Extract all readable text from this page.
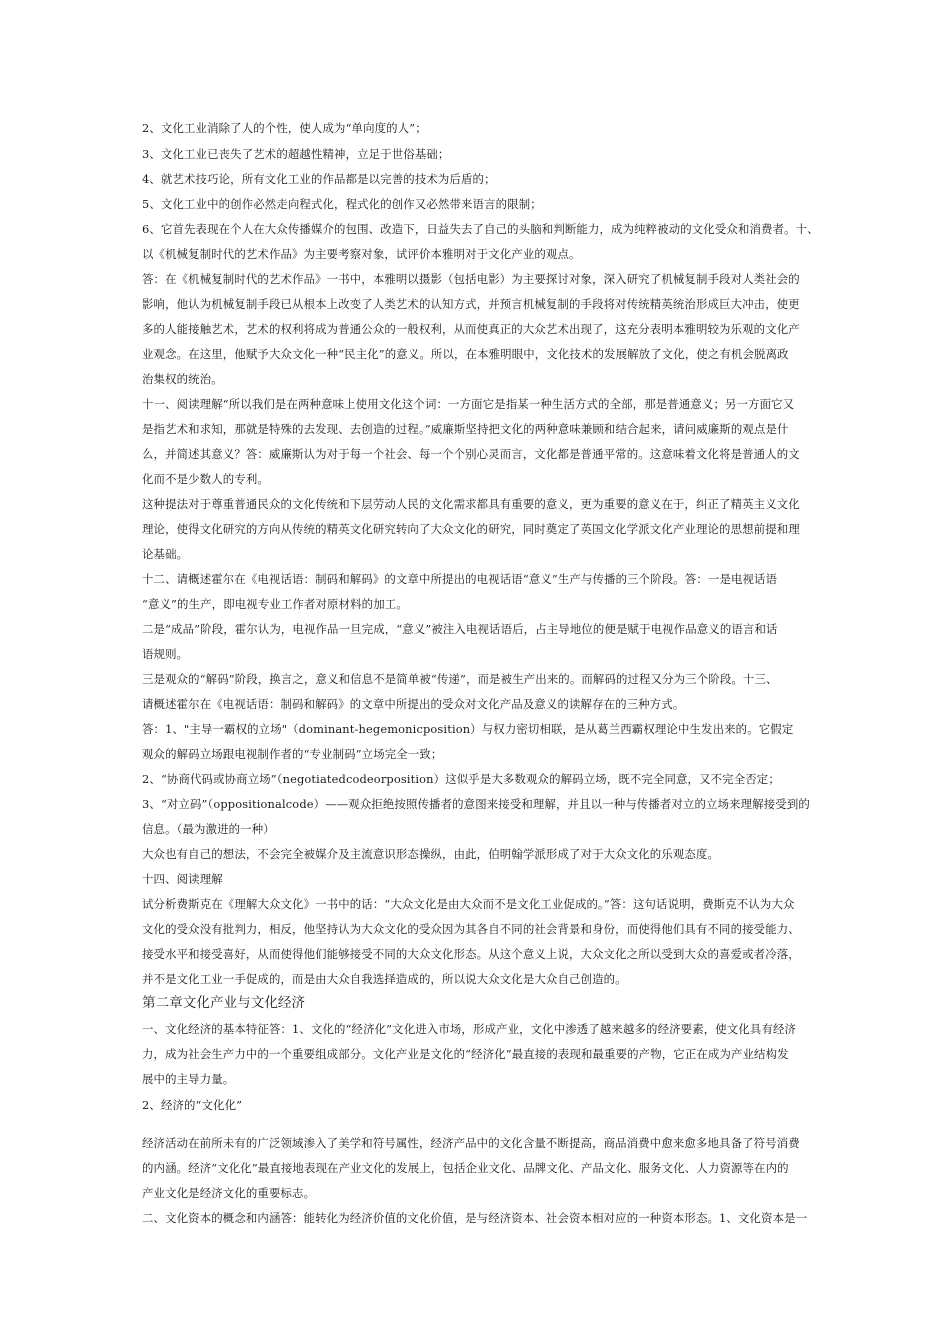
2、文化工业消除了人的个性，使人成为“单向度的人”；
3、文化工业已丧失了艺术的超越性精神，立足于世俗基础；
4、就艺术技巧论，所有文化工业的作品都是以完善的技术为后盾的；
5、文化工业中的创作必然走向程式化，程式化的创作又必然带来语言的限制；
6、它首先表现在个人在大众传播媒介的包围、改造下，日益失去了自己的头脑和判断能力，成为纯粹被动的文化受众和消费者。十、
以《机械复制时代的艺术作品》为主要考察对象，试评价本雅明对于文化产业的观点。
答：在《机械复制时代的艺术作品》一书中，本雅明以摄影（包括电影）为主要探讨对象，深入研究了机械复制手段对人类社会的
影响，他认为机械复制手段已从根本上改变了人类艺术的认知方式，并预言机械复制的手段将对传统精英统治形成巨大冲击，使更
多的人能接触艺术，艺术的权利将成为普通公众的一般权利，从而使真正的大众艺术出现了，这充分表明本雅明较为乐观的文化产
业观念。在这里，他赋予大众文化一种“民主化”的意义。所以，在本雅明眼中，文化技术的发展解放了文化，使之有机会脱离政
治集权的统治。
十一、阅读理解“所以我们是在两种意味上使用文化这个词：一方面它是指某一种生活方式的全部，那是普通意义；另一方面它又
是指艺术和求知，那就是特殊的去发现、去创造的过程。”威廉斯坚持把文化的两种意味兼顾和结合起来，请问威廉斯的观点是什
么，并简述其意义？答：威廉斯认为对于每一个社会、每一个个别心灵而言，文化都是普通平常的。这意味着文化将是普通人的文
化而不是少数人的专利。
这种提法对于尊重普通民众的文化传统和下层劳动人民的文化需求都具有重要的意义，更为重要的意义在于，纠正了精英主义文化
理论，使得文化研究的方向从传统的精英文化研究转向了大众文化的研究，同时奠定了英国文化学派文化产业理论的思想前提和理
论基础。
十二、请概述霍尔在《电视话语：制码和解码》的文章中所提出的电视话语“意义”生产与传播的三个阶段。答：一是电视话语
“意义”的生产，即电视专业工作者对原材料的加工。
二是“成品”阶段，霍尔认为，电视作品一旦完成，“意义”被注入电视话语后，占主导地位的便是赋于电视作品意义的语言和话
语规则。
三是观众的“解码”阶段，换言之，意义和信息不是简单被“传递”，而是被生产出来的。而解码的过程又分为三个阶段。十三、
请概述霍尔在《电视话语：制码和解码》的文章中所提出的受众对文化产品及意义的读解存在的三种方式。
答：1、"主导一霸权的立场"（dominant-hegemonicposition）与权力密切相联，是从葛兰西霸权理论中生发出来的。它假定
观众的解码立场跟电视制作者的“专业制码”立场完全一致；
2、“协商代码或协商立场”（negotiatedcodeorposition）这似乎是大多数观众的解码立场，既不完全同意，又不完全否定；
3、“对立码”（oppositionalcode）——观众拒绝按照传播者的意图来接受和理解，并且以一种与传播者对立的立场来理解接受到的
信息。（最为激进的一种）
大众也有自己的想法，不会完全被媒介及主流意识形态操纵，由此，伯明翰学派形成了对于大众文化的乐观态度。
十四、阅读理解
试分析费斯克在《理解大众文化》一书中的话：“大众文化是由大众而不是文化工业促成的。”答：这句话说明，费斯克不认为大众
文化的受众没有批判力，相反，他坚持认为大众文化的受众因为其各自不同的社会背景和身份，而使得他们具有不同的接受能力、
接受水平和接受喜好，从而使得他们能够接受不同的大众文化形态。从这个意义上说，大众文化之所以受到大众的喜爱或者冷落，
并不是文化工业一手促成的，而是由大众自我选择造成的，所以说大众文化是大众自己创造的。
第二章文化产业与文化经济
一、文化经济的基本特征答：1、文化的“经济化”文化进入市场，形成产业，文化中渗透了越来越多的经济要素，使文化具有经济
力，成为社会生产力中的一个重要组成部分。文化产业是文化的“经济化”最直接的表现和最重要的产物，它正在成为产业结构发
展中的主导力量。
2、经济的“文化化”
经济活动在前所未有的广泛领域渗入了美学和符号属性，经济产品中的文化含量不断提高，商品消费中愈来愈多地具备了符号消费
的内涵。经济“文化化”最直接地表现在产业文化的发展上，包括企业文化、品牌文化、产品文化、服务文化、人力资源等在内的
产业文化是经济文化的重要标志。
二、文化资本的概念和内涵答：能转化为经济价值的文化价值，是与经济资本、社会资本相对应的一种资本形态。1、文化资本是一
